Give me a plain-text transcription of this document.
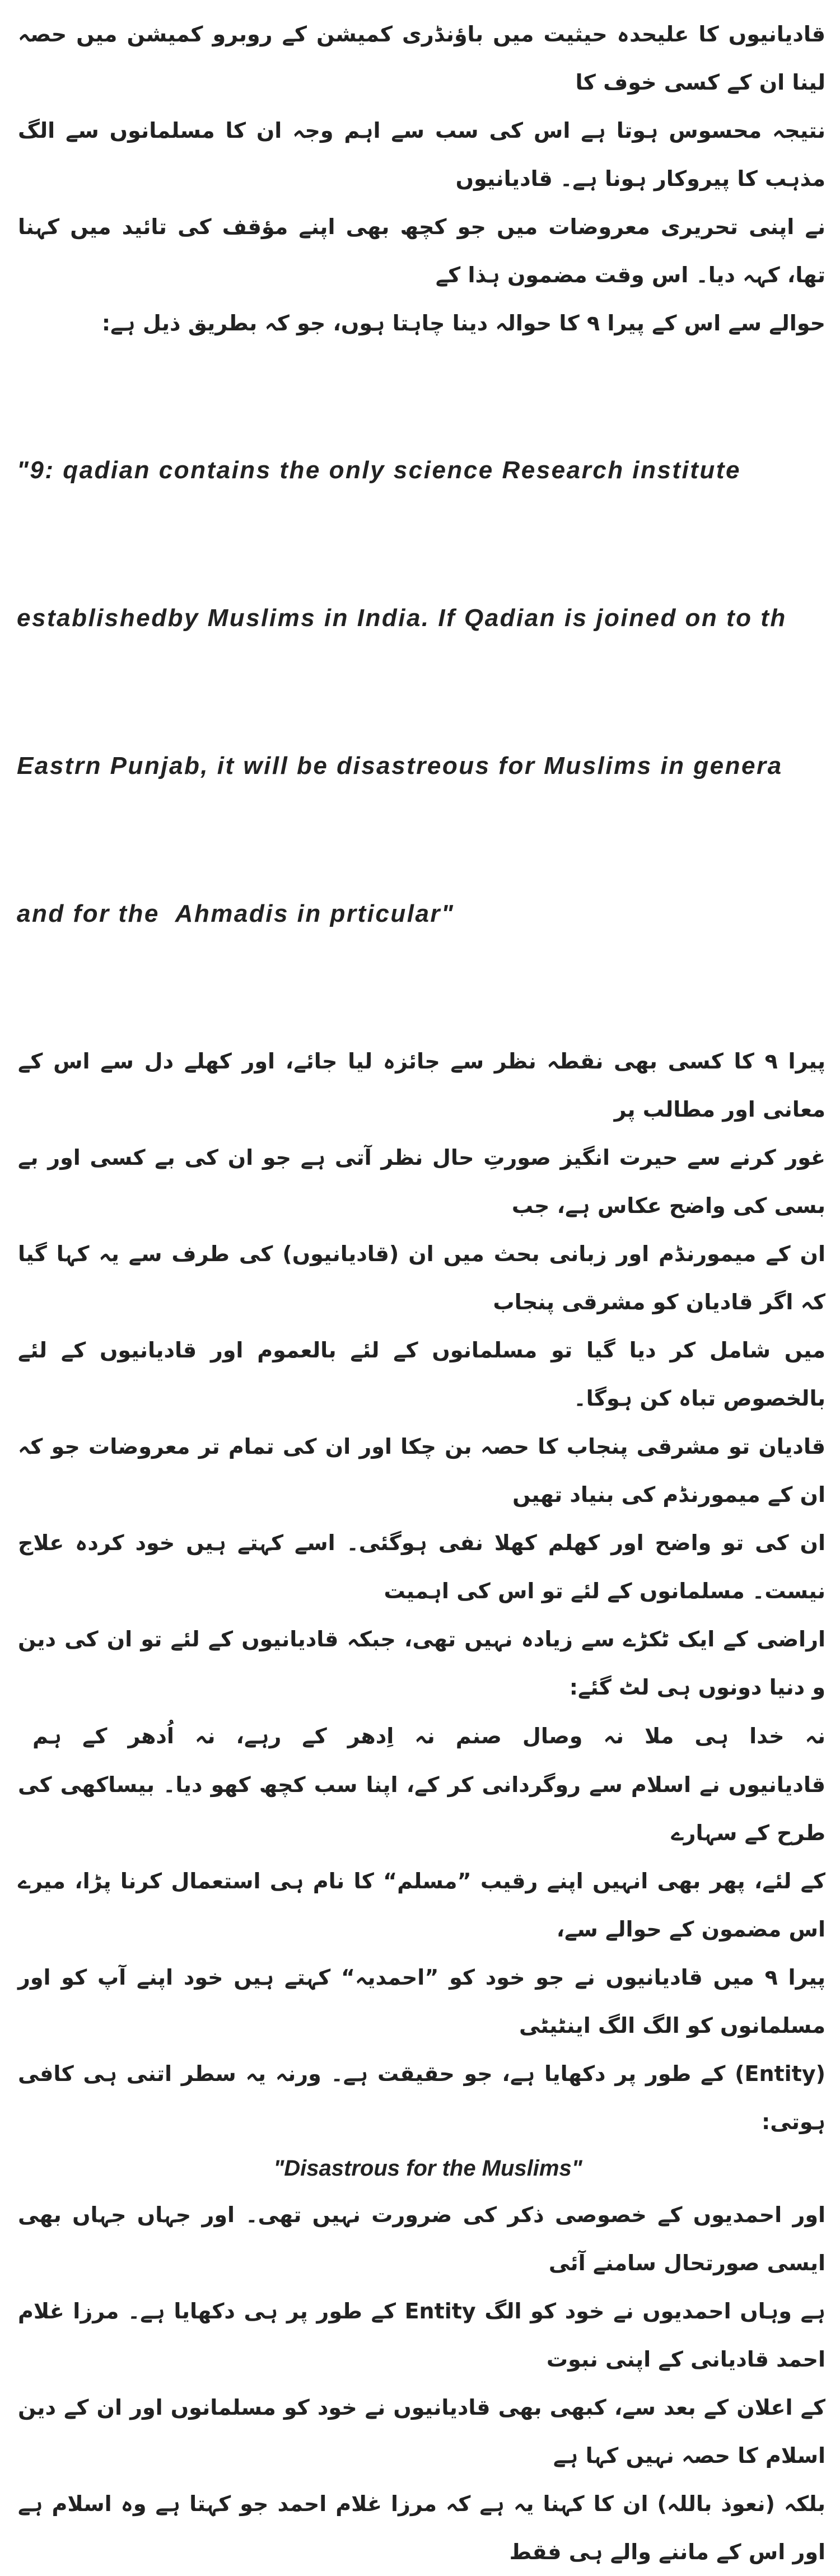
قادیانیوں کا علیحدہ حیثیت میں باؤنڈری کمیشن کے روبرو کمیشن میں حصہ لینا ان کے کسی خوف کا
نتیجہ محسوس ہوتا ہے اس کی سب سے اہم وجہ ان کا مسلمانوں سے الگ مذہب کا پیروکار ہونا ہے۔ قادیانیوں
نے اپنی تحریری معروضات میں جو کچھ بھی اپنے مؤقف کی تائید میں کہنا تھا، کہہ دیا۔ اس وقت مضمون ہذا کے
حوالے سے اس کے پیرا ۹ کا حوالہ دینا چاہتا ہوں، جو کہ بطریق ذیل ہے:

"9: qadian contains the only science Research institute

establishedby Muslims in India. If Qadian is joined on to th

Eastrn Punjab, it will be disastreous for Muslims in genera

and for the  Ahmadis in prticular"

پیرا ۹ کا کسی بھی نقطہ نظر سے جائزہ لیا جائے، اور کھلے دل سے اس کے معانی اور مطالب پر
غور کرنے سے حیرت انگیز صورتِ حال نظر آتی ہے جو ان کی بے کسی اور بے بسی کی واضح عکاس ہے، جب
ان کے میمورنڈم اور زبانی بحث میں ان (قادیانیوں) کی طرف سے یہ کہا گیا کہ اگر قادیان کو مشرقی پنجاب
میں شامل کر دیا گیا تو مسلمانوں کے لئے بالعموم اور قادیانیوں کے لئے بالخصوص تباہ کن ہوگا۔
قادیان تو مشرقی پنجاب کا حصہ بن چکا اور ان کی تمام تر معروضات جو کہ ان کے میمورنڈم کی بنیاد تھیں
ان کی تو واضح اور کھلم کھلا نفی ہوگئی۔ اسے کہتے ہیں خود کردہ علاج نیست۔ مسلمانوں کے لئے تو اس کی اہمیت
اراضی کے ایک ٹکڑے سے زیادہ نہیں تھی، جبکہ قادیانیوں کے لئے تو ان کی دین و دنیا دونوں ہی لٹ گئے:
نہ خدا ہی ملا نہ وصال صنم نہ اِدھر کے رہے، نہ اُدھر کے ہم
قادیانیوں نے اسلام سے روگردانی کر کے، اپنا سب کچھ کھو دیا۔ بیساکھی کی طرح کے سہارے
کے لئے، پھر بھی انہیں اپنے رقیب ”مسلم“ کا نام ہی استعمال کرنا پڑا، میرے اس مضمون کے حوالے سے،
پیرا ۹ میں قادیانیوں نے جو خود کو ”احمدیہ“ کہتے ہیں خود اپنے آپ کو اور مسلمانوں کو الگ الگ اینٹیٹی
(Entity) کے طور پر دکھایا ہے، جو حقیقت ہے۔ ورنہ یہ سطر اتنی ہی کافی ہوتی:
"Disastrous for the Muslims"
اور احمدیوں کے خصوصی ذکر کی ضرورت نہیں تھی۔ اور جہاں جہاں بھی ایسی صورتحال سامنے آئی
ہے وہاں احمدیوں نے خود کو الگ Entity کے طور پر ہی دکھایا ہے۔ مرزا غلام احمد قادیانی کے اپنی نبوت
کے اعلان کے بعد سے، کبھی بھی قادیانیوں نے خود کو مسلمانوں اور ان کے دین اسلام کا حصہ نہیں کہا ہے
بلکہ (نعوذ باللہ) ان کا کہنا یہ ہے کہ مرزا غلام احمد جو کہتا ہے وہ اسلام ہے اور اس کے ماننے والے ہی فقط
